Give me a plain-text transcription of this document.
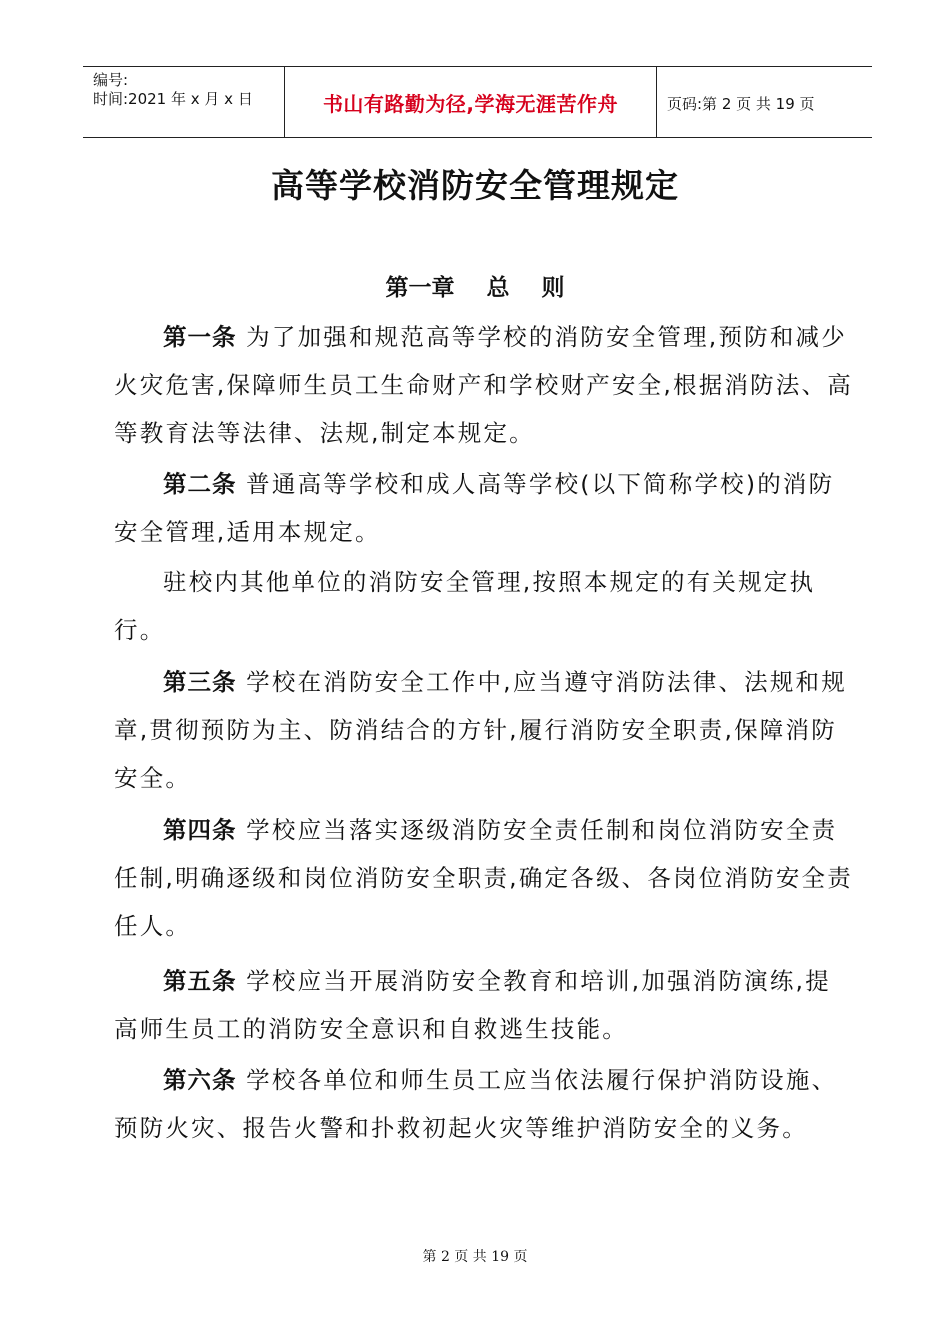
编号:
时间:2021 年 x 月 x 日	书山有路勤为径,学海无涯苦作舟	页码:第 2 页 共 19 页
高等学校消防安全管理规定
第一章    总    则

第一条 为了加强和规范高等学校的消防安全管理,预防和减少火灾危害,保障师生员工生命财产和学校财产安全,根据消防法、高等教育法等法律、法规,制定本规定。

第二条 普通高等学校和成人高等学校(以下简称学校)的消防安全管理,适用本规定。

驻校内其他单位的消防安全管理,按照本规定的有关规定执行。

第三条 学校在消防安全工作中,应当遵守消防法律、法规和规章,贯彻预防为主、防消结合的方针,履行消防安全职责,保障消防安全。

第四条 学校应当落实逐级消防安全责任制和岗位消防安全责任制,明确逐级和岗位消防安全职责,确定各级、各岗位消防安全责任人。

第五条 学校应当开展消防安全教育和培训,加强消防演练,提高师生员工的消防安全意识和自救逃生技能。

第六条 学校各单位和师生员工应当依法履行保护消防设施、预防火灾、报告火警和扑救初起火灾等维护消防安全的义务。

第 2 页 共 19 页
